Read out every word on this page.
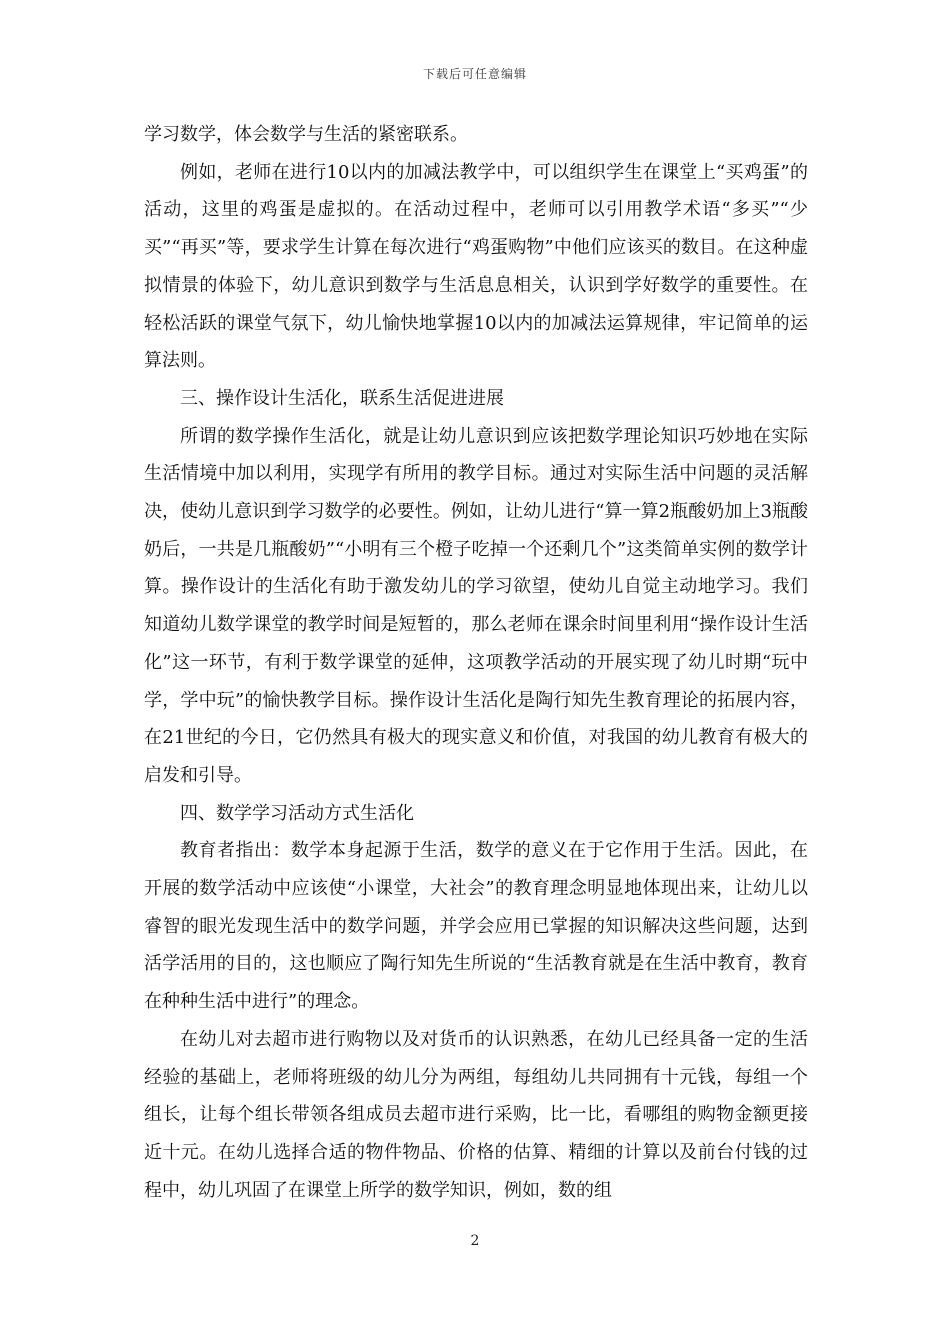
下载后可任意编辑

学习数学，体会数学与生活的紧密联系。

例如，老师在进行10以内的加减法教学中，可以组织学生在课堂上“买鸡蛋”的活动，这里的鸡蛋是虚拟的。在活动过程中，老师可以引用教学术语“多买”“少买”“再买”等，要求学生计算在每次进行“鸡蛋购物”中他们应该买的数目。在这种虚拟情景的体验下，幼儿意识到数学与生活息息相关，认识到学好数学的重要性。在轻松活跃的课堂气氛下，幼儿愉快地掌握10以内的加减法运算规律，牢记简单的运算法则。

三、操作设计生活化，联系生活促进进展

所谓的数学操作生活化，就是让幼儿意识到应该把数学理论知识巧妙地在实际生活情境中加以利用，实现学有所用的教学目标。通过对实际生活中问题的灵活解决，使幼儿意识到学习数学的必要性。例如，让幼儿进行“算一算2瓶酸奶加上3瓶酸奶后，一共是几瓶酸奶”“小明有三个橙子吃掉一个还剩几个”这类简单实例的数学计算。操作设计的生活化有助于激发幼儿的学习欲望，使幼儿自觉主动地学习。我们知道幼儿数学课堂的教学时间是短暂的，那么老师在课余时间里利用“操作设计生活化”这一环节，有利于数学课堂的延伸，这项教学活动的开展实现了幼儿时期“玩中学，学中玩”的愉快教学目标。操作设计生活化是陶行知先生教育理论的拓展内容，在21世纪的今日，它仍然具有极大的现实意义和价值，对我国的幼儿教育有极大的启发和引导。

四、数学学习活动方式生活化

教育者指出：数学本身起源于生活，数学的意义在于它作用于生活。因此，在开展的数学活动中应该使“小课堂，大社会”的教育理念明显地体现出来，让幼儿以睿智的眼光发现生活中的数学问题，并学会应用已掌握的知识解决这些问题，达到活学活用的目的，这也顺应了陶行知先生所说的“生活教育就是在生活中教育，教育在种种生活中进行”的理念。

在幼儿对去超市进行购物以及对货币的认识熟悉，在幼儿已经具备一定的生活经验的基础上，老师将班级的幼儿分为两组，每组幼儿共同拥有十元钱，每组一个组长，让每个组长带领各组成员去超市进行采购，比一比，看哪组的购物金额更接近十元。在幼儿选择合适的物件物品、价格的估算、精细的计算以及前台付钱的过程中，幼儿巩固了在课堂上所学的数学知识，例如，数的组

2
